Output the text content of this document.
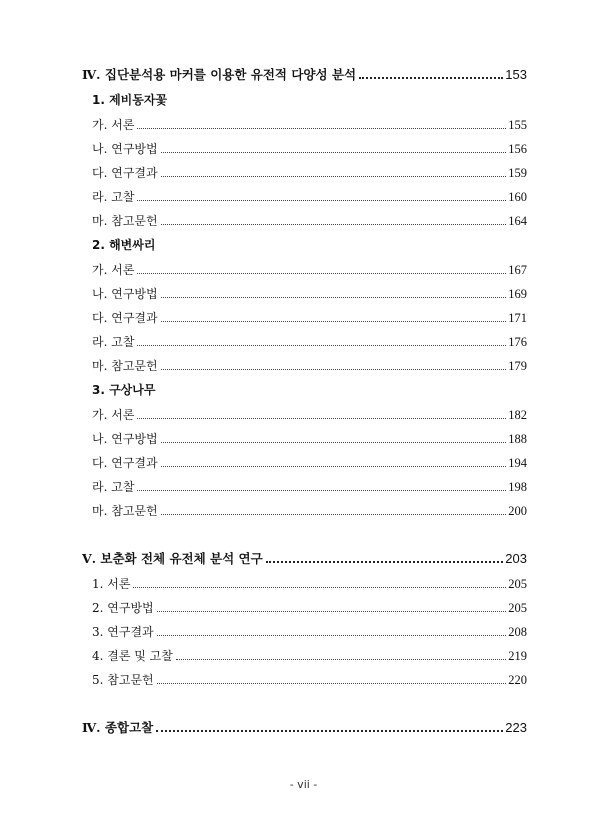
Ⅳ. 집단분석용 마커를 이용한 유전적 다양성 분석	153
1. 제비동자꽃
가. 서론	155
나. 연구방법	156
다. 연구결과	159
라. 고찰	160
마. 참고문헌	164
2. 해변싸리
가. 서론	167
나. 연구방법	169
다. 연구결과	171
라. 고찰	176
마. 참고문헌	179
3. 구상나무
가. 서론	182
나. 연구방법	188
다. 연구결과	194
라. 고찰	198
마. 참고문헌	200
Ⅴ. 보춘화 전체 유전체 분석 연구	203
1. 서론	205
2. 연구방법	205
3. 연구결과	208
4. 결론 및 고찰	219
5. 참고문헌	220
Ⅳ. 종합고찰	223
- vii -
